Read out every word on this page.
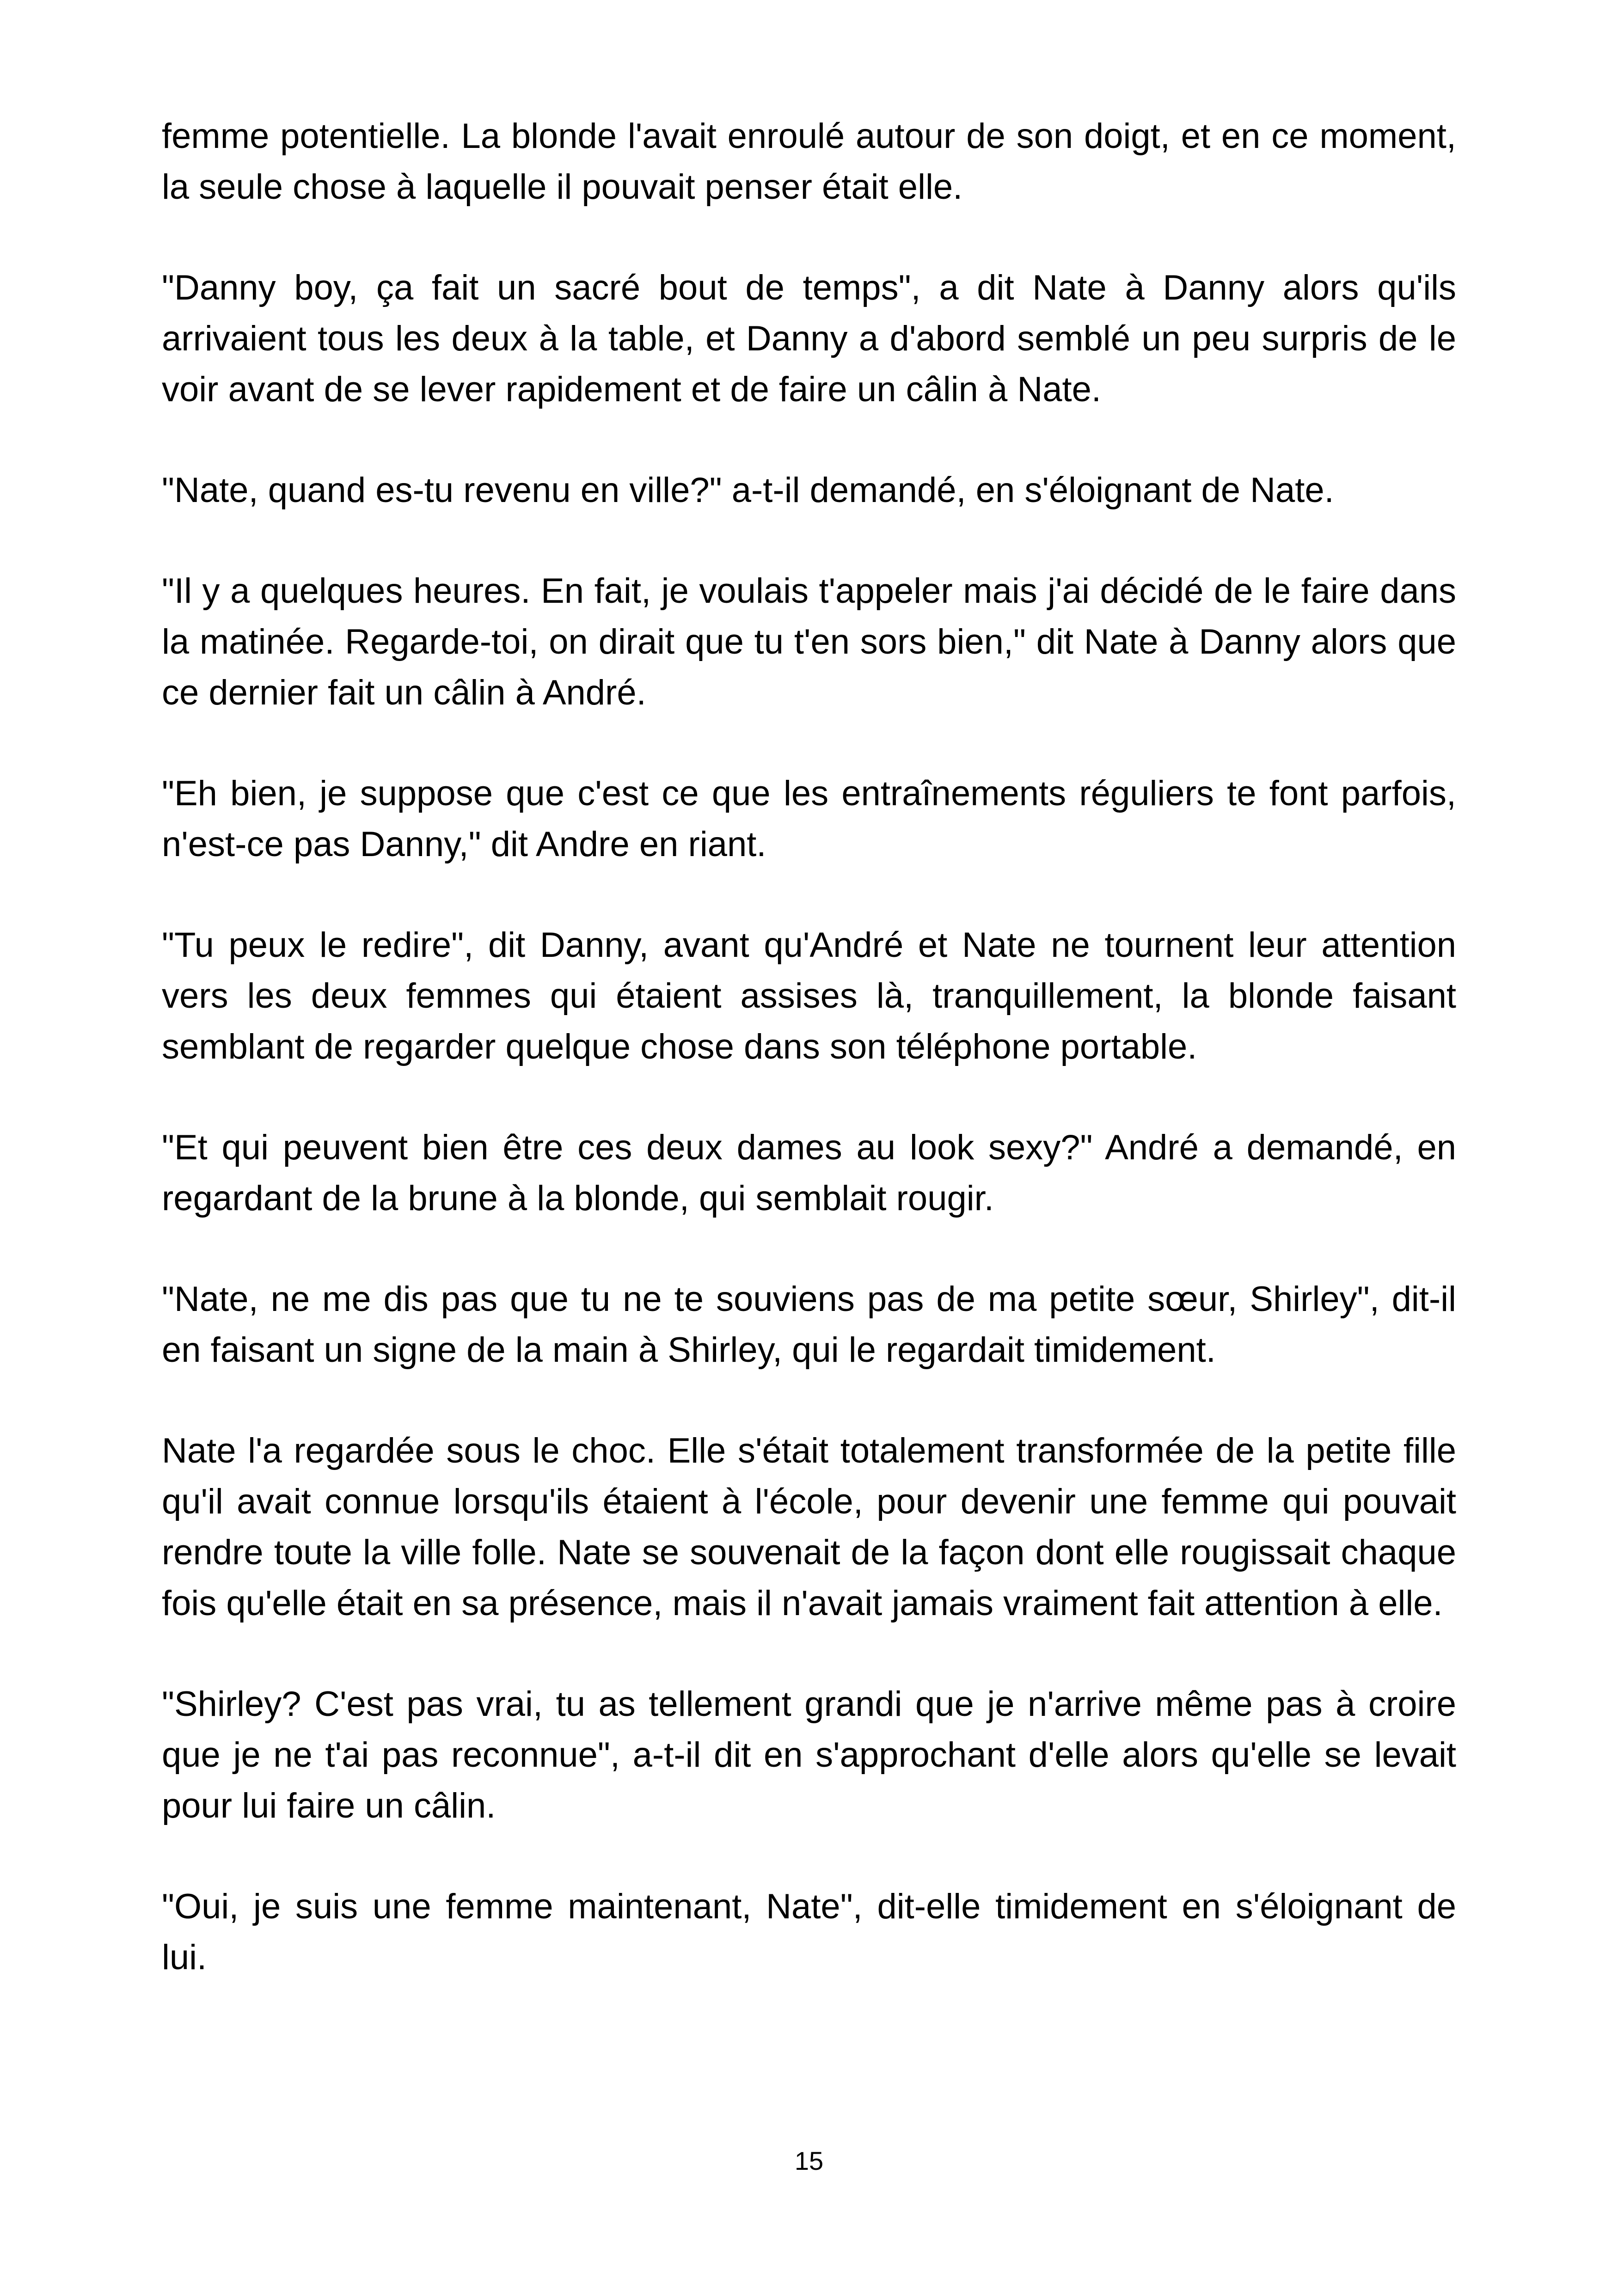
femme potentielle. La blonde l'avait enroulé autour de son doigt, et en ce moment, la seule chose à laquelle il pouvait penser était elle.

"Danny boy, ça fait un sacré bout de temps", a dit Nate à Danny alors qu'ils arrivaient tous les deux à la table, et Danny a d'abord semblé un peu surpris de le voir avant de se lever rapidement et de faire un câlin à Nate.

"Nate, quand es-tu revenu en ville?" a-t-il demandé, en s'éloignant de Nate.

"Il y a quelques heures. En fait, je voulais t'appeler mais j'ai décidé de le faire dans la matinée. Regarde-toi, on dirait que tu t'en sors bien," dit Nate à Danny alors que ce dernier fait un câlin à André.

"Eh bien, je suppose que c'est ce que les entraînements réguliers te font parfois, n'est-ce pas Danny," dit Andre en riant.

"Tu peux le redire", dit Danny, avant qu'André et Nate ne tournent leur attention vers les deux femmes qui étaient assises là, tranquillement, la blonde faisant semblant de regarder quelque chose dans son téléphone portable.

"Et qui peuvent bien être ces deux dames au look sexy?" André a demandé, en regardant de la brune à la blonde, qui semblait rougir.

"Nate, ne me dis pas que tu ne te souviens pas de ma petite sœur, Shirley", dit-il en faisant un signe de la main à Shirley, qui le regardait timidement.

Nate l'a regardée sous le choc. Elle s'était totalement transformée de la petite fille qu'il avait connue lorsqu'ils étaient à l'école, pour devenir une femme qui pouvait rendre toute la ville folle. Nate se souvenait de la façon dont elle rougissait chaque fois qu'elle était en sa présence, mais il n'avait jamais vraiment fait attention à elle.

"Shirley? C'est pas vrai, tu as tellement grandi que je n'arrive même pas à croire que je ne t'ai pas reconnue", a-t-il dit en s'approchant d'elle alors qu'elle se levait pour lui faire un câlin.

"Oui, je suis une femme maintenant, Nate", dit-elle timidement en s'éloignant de lui.

15
